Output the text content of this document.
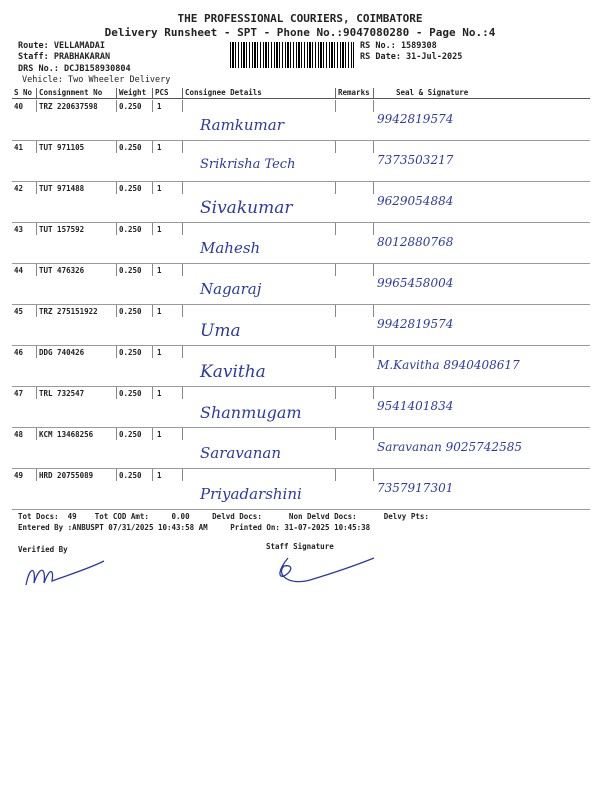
THE PROFESSIONAL COURIERS, COIMBATORE
Delivery Runsheet - SPT - Phone No.:9047080280 - Page No.:4
Route: VELLAMADAI
Staff: PRABHAKARAN
DRS No.: DCJB158930804
Vehicle: Two Wheeler Delivery
RS No.: 1589308
RS Date: 31-Jul-2025
S No Consignment No Weight PCS Consignee Details	Remarks	Seal & Signature
40 TRZ 220637598	0.250 1
Ramkumar	9942819574
41 TUT 971105	0.250 1
Srikrisha Tech	7373503217
42 TUT 971488	0.250 1
Sivakumar	9629054884
43 TUT 157592	0.250 1
Mahesh	8012880768
44 TUT 476326	0.250 1
Nagaraj	9965458004
45 TRZ 275151922	0.250 1
Uma	9942819574
46 DDG 740426	0.250 1
Kavitha	M.Kavitha 8940408617
47 TRL 732547	0.250 1
Shanmugam	9541401834
48 KCM 13468256	0.250 1
Saravanan	Saravanan 9025742585
49 HRD 20755089	0.250 1
Priyadarshini	7357917301
Tot Docs:  49    Tot COD Amt:     0.00     Delvd Docs:      Non Delvd Docs:      Delvy Pts:
Entered By :ANBUSPT 07/31/2025 10:43:58 AM     Printed On: 31-07-2025 10:45:38
Verified By	Staff Signature
